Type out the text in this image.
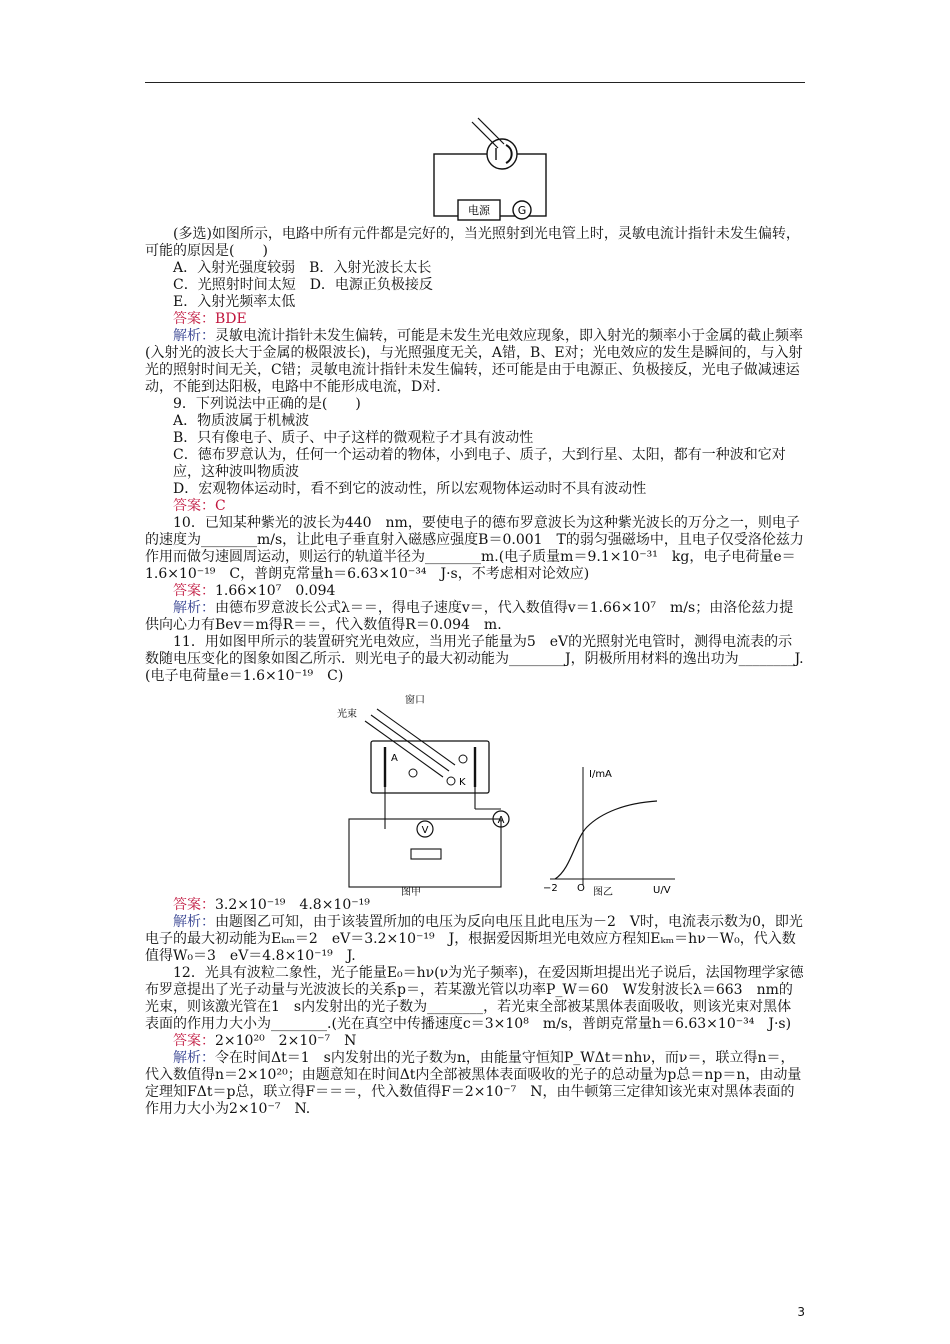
电源	G

(多选)如图所示，电路中所有元件都是完好的，当光照射到光电管上时，灵敏电流计指针未发生偏转，可能的原因是(　　)

A．入射光强度较弱　B．入射光波长太长

C．光照射时间太短　D．电源正负极接反

E．入射光频率太低

答案：BDE

解析：灵敏电流计指针未发生偏转，可能是未发生光电效应现象，即入射光的频率小于金属的截止频率(入射光的波长大于金属的极限波长)，与光照强度无关，A错，B、E对；光电效应的发生是瞬间的，与入射光的照射时间无关，C错；灵敏电流计指针未发生偏转，还可能是由于电源正、负极接反，光电子做减速运动，不能到达阳极，电路中不能形成电流，D对.

9．下列说法中正确的是(　　)

A．物质波属于机械波

B．只有像电子、质子、中子这样的微观粒子才具有波动性

C．德布罗意认为，任何一个运动着的物体，小到电子、质子，大到行星、太阳，都有一种波和它对应，这种波叫物质波

D．宏观物体运动时，看不到它的波动性，所以宏观物体运动时不具有波动性

答案：C

10．已知某种紫光的波长为440　nm，要使电子的德布罗意波长为这种紫光波长的万分之一，则电子的速度为________m/s，让此电子垂直射入磁感应强度B＝0.001　T的弱匀强磁场中，且电子仅受洛伦兹力作用而做匀速圆周运动，则运行的轨道半径为________m.(电子质量m＝9.1×10⁻³¹　kg，电子电荷量e＝1.6×10⁻¹⁹　C，普朗克常量h＝6.63×10⁻³⁴　J·s，不考虑相对论效应)

答案：1.66×10⁷　0.094

解析：由德布罗意波长公式λ＝＝，得电子速度v＝，代入数值得v＝1.66×10⁷　m/s；由洛伦兹力提供向心力有Bev＝m得R＝＝，代入数值得R＝0.094　m.

11．用如图甲所示的装置研究光电效应，当用光子能量为5　eV的光照射光电管时，测得电流表的示数随电压变化的图象如图乙所示．则光电子的最大初动能为________J，阴极所用材料的逸出功为________J.(电子电荷量e＝1.6×10⁻¹⁹　C)

窗口
光束
A
K
A
V
图甲
I/mA
U/V
O
−2	图乙

答案：3.2×10⁻¹⁹　4.8×10⁻¹⁹

解析：由题图乙可知，由于该装置所加的电压为反向电压且此电压为－2　V时，电流表示数为0，即光电子的最大初动能为Eₖₘ＝2　eV＝3.2×10⁻¹⁹　J，根据爱因斯坦光电效应方程知Eₖₘ＝hν－W₀，代入数值得W₀＝3　eV＝4.8×10⁻¹⁹　J.

12．光具有波粒二象性，光子能量E₀＝hν(ν为光子频率)，在爱因斯坦提出光子说后，法国物理学家德布罗意提出了光子动量与光波波长的关系p＝，若某激光管以功率P_W＝60　W发射波长λ＝663　nm的光束，则该激光管在1　s内发射出的光子数为________，若光束全部被某黑体表面吸收，则该光束对黑体表面的作用力大小为________.(光在真空中传播速度c＝3×10⁸　m/s，普朗克常量h＝6.63×10⁻³⁴　J·s)

答案：2×10²⁰　2×10⁻⁷　N

解析：令在时间Δt＝1　s内发射出的光子数为n，由能量守恒知P_WΔt＝nhν，而ν＝，联立得n＝，代入数值得n＝2×10²⁰；由题意知在时间Δt内全部被黑体表面吸收的光子的总动量为p总＝np＝n，由动量定理知FΔt＝p总，联立得F＝＝＝，代入数值得F＝2×10⁻⁷　N，由牛顿第三定律知该光束对黑体表面的作用力大小为2×10⁻⁷　N.

3
